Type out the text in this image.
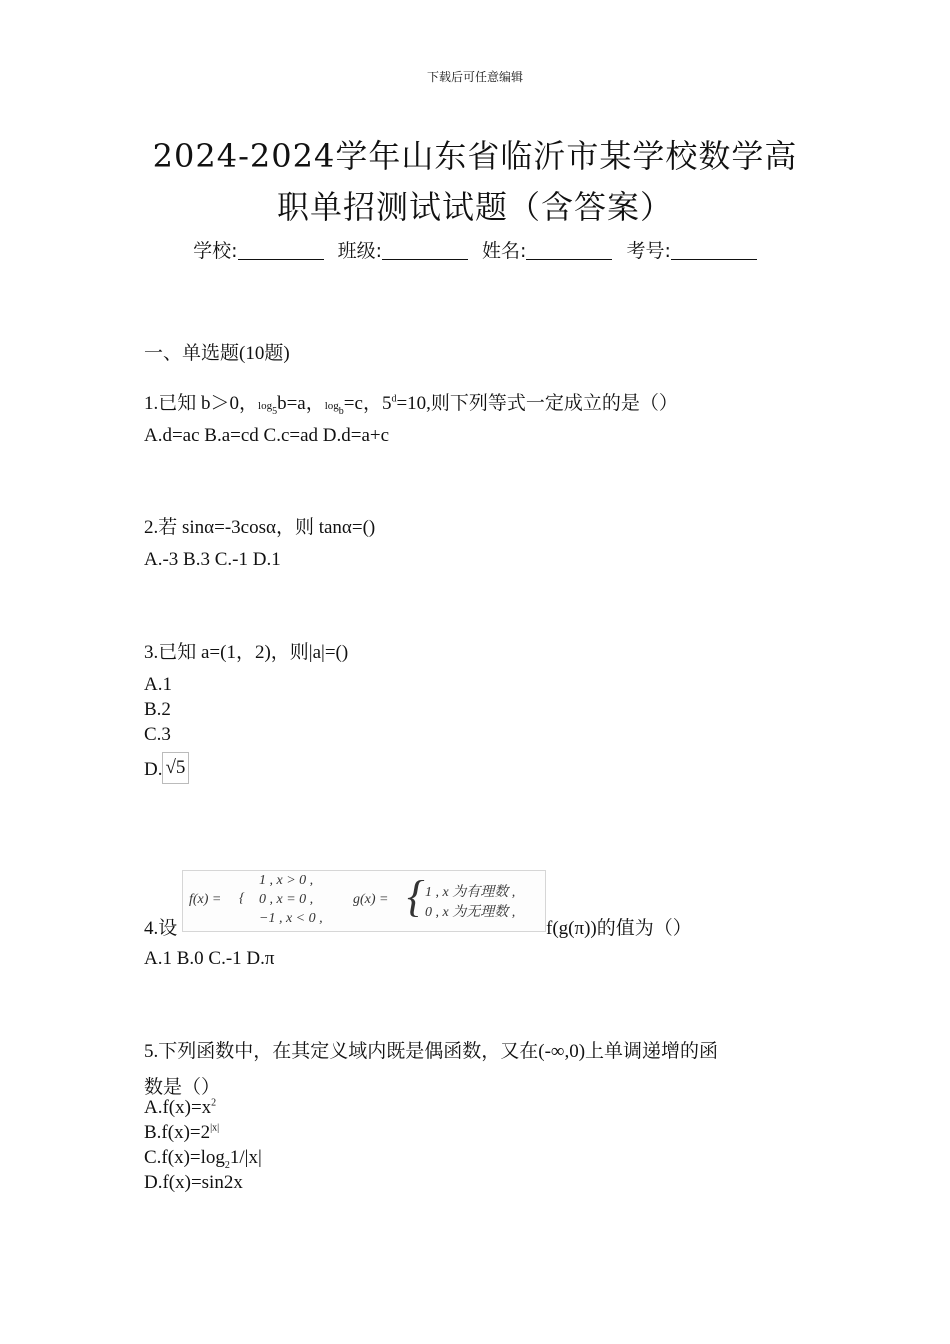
下载后可任意编辑
2024-2024学年山东省临沂市某学校数学高
职单招测试试题（含答案）
学校:	班级:	姓名:	考号:
一、单选题(10题)
1.已知 b＞0，$\log_5b=a$，$\log_b=c$，$5^d=10$,则下列等式一定成立的是（）
A.d=ac B.a=cd C.c=ad D.d=a+c
2.若 sinα=-3cosα，则 tanα=()
A.-3 B.3 C.-1 D.1
3.已知 a=(1，2)，则|a|=()
A.1
B.2
C.3
D. √5
4.设
f(x) = {
1 , x > 0 ,
0 , x = 0 ,
−1 , x < 0 ,
g(x) = { 1 , x 为有理数 ,
0 , x 为无理数 ,
f(g(π))的值为（）
A.1 B.0 C.-1 D.π
5.下列函数中，在其定义域内既是偶函数，又在(-∞,0)上单调递增的函
数是（）
$A.f(x)=x^2$
$B.f(x)=2^{|x|}$
$C.f(x)=\log_21/|x|$
D.f(x)=sin2x
